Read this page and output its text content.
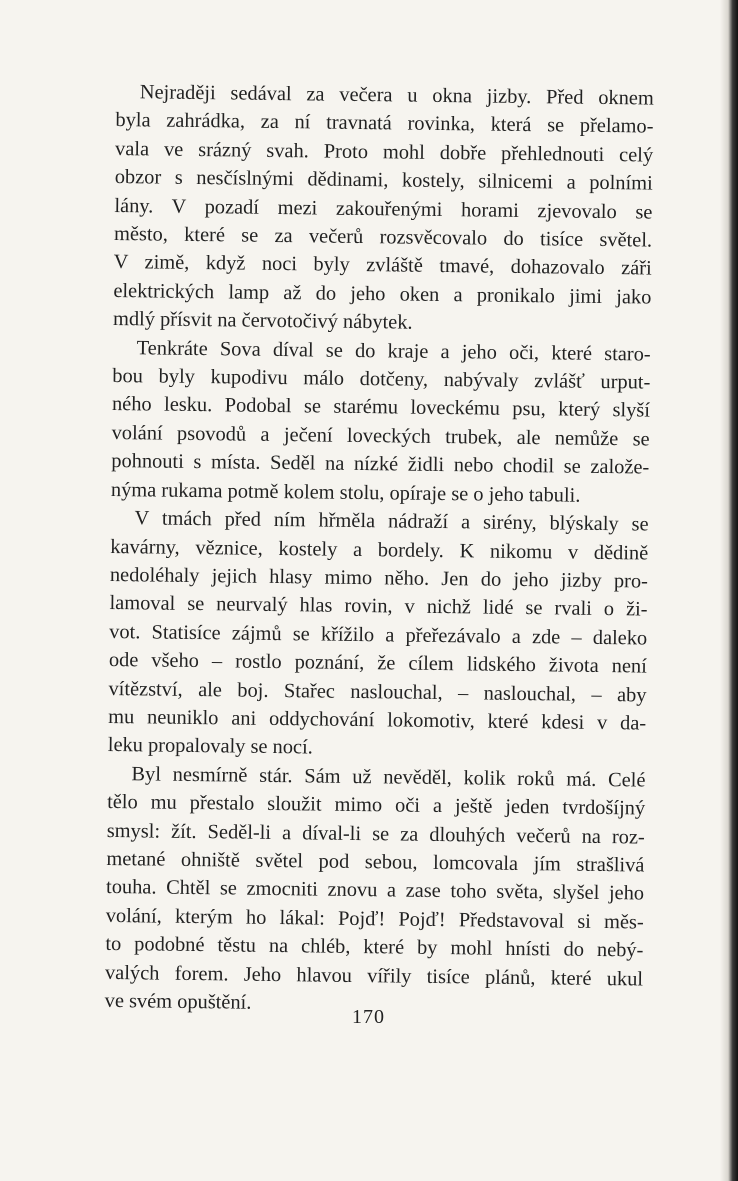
Nejraději sedával za večera u okna jizby. Před oknem
byla zahrádka, za ní travnatá rovinka, která se přelamo-
vala ve srázný svah. Proto mohl dobře přehlednouti celý
obzor s nesčíslnými dědinami, kostely, silnicemi a polními
lány. V pozadí mezi zakouřenými horami zjevovalo se
město, které se za večerů rozsvěcovalo do tisíce světel.
V zimě, když noci byly zvláště tmavé, dohazovalo záři
elektrických lamp až do jeho oken a pronikalo jimi jako
mdlý přísvit na červotočivý nábytek.

Tenkráte Sova díval se do kraje a jeho oči, které staro-
bou byly kupodivu málo dotčeny, nabývaly zvlášť urput-
ného lesku. Podobal se starému loveckému psu, který slyší
volání psovodů a ječení loveckých trubek, ale nemůže se
pohnouti s místa. Seděl na nízké židli nebo chodil se založe-
nýma rukama potmě kolem stolu, opíraje se o jeho tabuli.

V tmách před ním hřměla nádraží a sirény, blýskaly se
kavárny, věznice, kostely a bordely. K nikomu v dědině
nedoléhaly jejich hlasy mimo něho. Jen do jeho jizby pro-
lamoval se neurvalý hlas rovin, v nichž lidé se rvali o ži-
vot. Statisíce zájmů se křížilo a přeřezávalo a zde – daleko
ode všeho – rostlo poznání, že cílem lidského života není
vítězství, ale boj. Stařec naslouchal, – naslouchal, – aby
mu neuniklo ani oddychování lokomotiv, které kdesi v da-
leku propalovaly se nocí.

Byl nesmírně stár. Sám už nevěděl, kolik roků má. Celé
tělo mu přestalo sloužit mimo oči a ještě jeden tvrdošíjný
smysl: žít. Seděl-li a díval-li se za dlouhých večerů na roz-
metané ohniště světel pod sebou, lomcovala jím strašlivá
touha. Chtěl se zmocniti znovu a zase toho světa, slyšel jeho
volání, kterým ho lákal: Pojď! Pojď! Představoval si měs-
to podobné těstu na chléb, které by mohl hnísti do nebý-
valých forem. Jeho hlavou vířily tisíce plánů, které ukul
ve svém opuštění.

170
